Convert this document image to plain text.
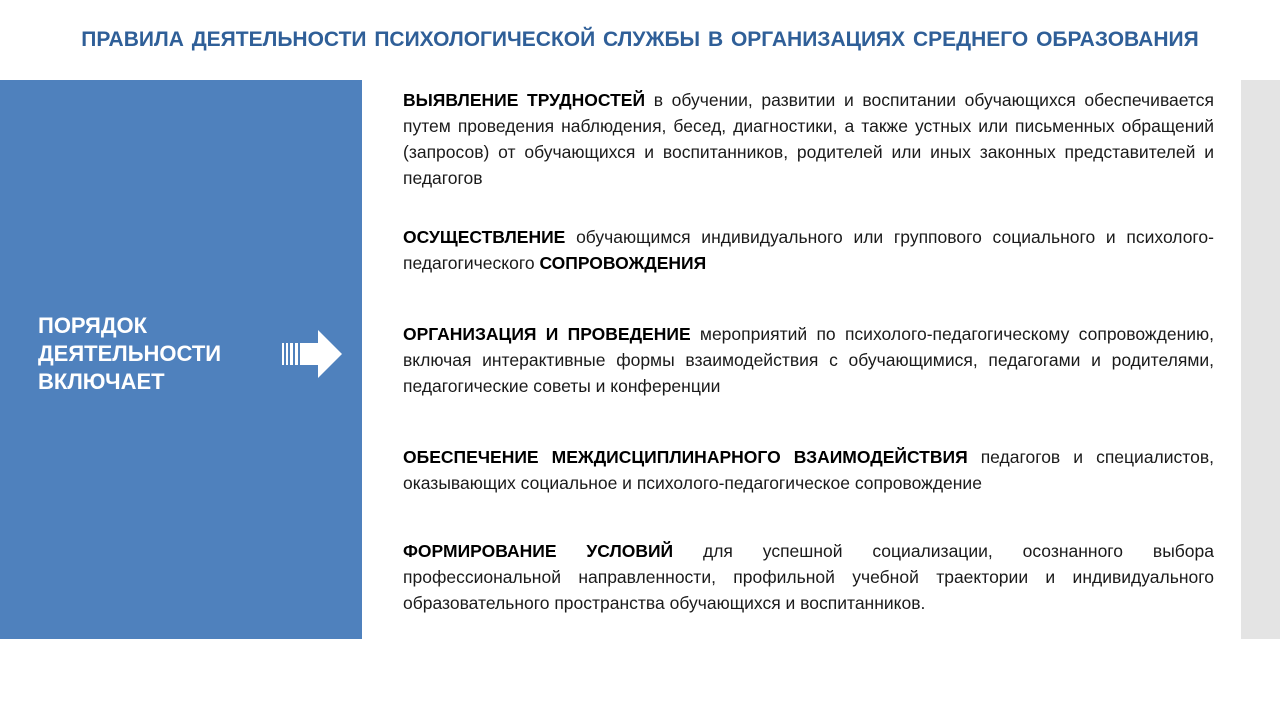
ПРАВИЛА ДЕЯТЕЛЬНОСТИ ПСИХОЛОГИЧЕСКОЙ СЛУЖБЫ В ОРГАНИЗАЦИЯХ СРЕДНЕГО ОБРАЗОВАНИЯ
ПОРЯДОК ДЕЯТЕЛЬНОСТИ ВКЛЮЧАЕТ
ВЫЯВЛЕНИЕ ТРУДНОСТЕЙ в обучении, развитии и воспитании обучающихся обеспечивается путем проведения наблюдения, бесед, диагностики, а также устных или письменных обращений (запросов) от обучающихся и воспитанников, родителей или иных законных представителей и педагогов
ОСУЩЕСТВЛЕНИЕ обучающимся индивидуального или группового социального и психолого-педагогического СОПРОВОЖДЕНИЯ
ОРГАНИЗАЦИЯ И ПРОВЕДЕНИЕ мероприятий по психолого-педагогическому сопровождению, включая интерактивные формы взаимодействия с обучающимися, педагогами и родителями, педагогические советы и конференции
ОБЕСПЕЧЕНИЕ МЕЖДИСЦИПЛИНАРНОГО ВЗАИМОДЕЙСТВИЯ педагогов и специалистов, оказывающих социальное и психолого-педагогическое сопровождение
ФОРМИРОВАНИЕ УСЛОВИЙ для успешной социализации, осознанного выбора профессиональной направленности, профильной учебной траектории и индивидуального образовательного пространства обучающихся и воспитанников.
